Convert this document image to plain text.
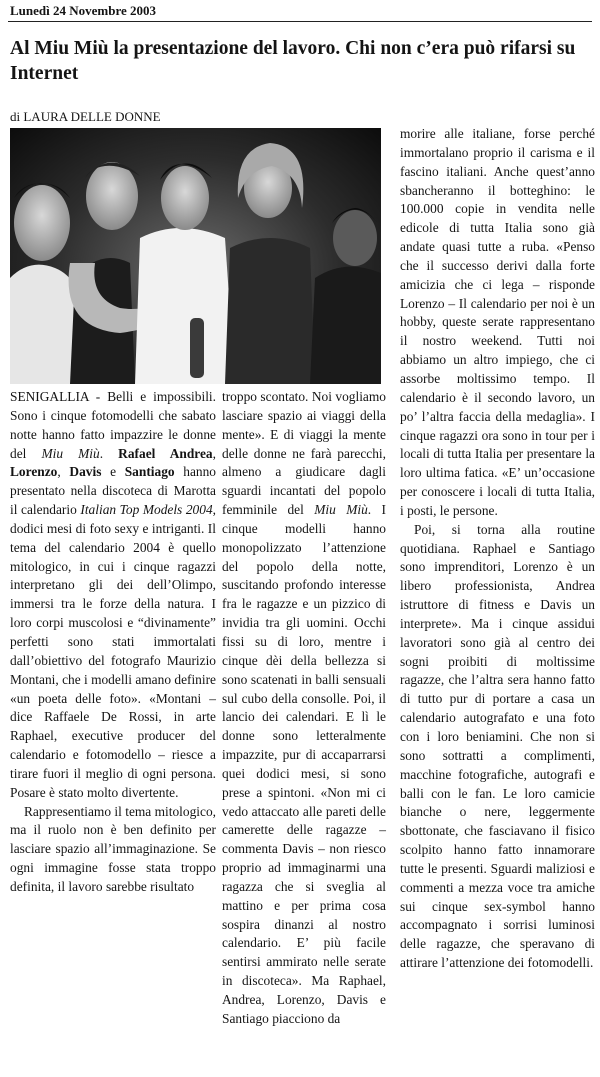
Lunedì 24 Novembre 2003
Al Miu Miù la presentazione del lavoro. Chi non c’era può rifarsi su Internet
di LAURA DELLE DONNE

SENIGALLIA - Belli e impossibili. Sono i cinque fotomodelli che sabato notte hanno fatto impazzire le donne del Miu Miù. Rafael Andrea, Lorenzo, Davis e Santiago hanno presentato nella discoteca di Marotta il calendario Italian Top Models 2004, dodici mesi di foto sexy e intriganti. Il tema del calendario 2004 è quello mitologico, in cui i cinque ragazzi interpretano gli dei dell’Olimpo, immersi tra le forze della natura. I loro corpi muscolosi e “divinamente” perfetti sono stati immortalati dall’obiettivo del fotografo Maurizio Montani, che i modelli amano definire «un poeta delle foto». «Montani – dice Raffaele De Rossi, in arte Raphael, executive producer del calendario e fotomodello – riesce a tirare fuori il meglio di ogni persona. Posare è stato molto divertente.

Rappresentiamo il tema mitologico, ma il ruolo non è ben definito per lasciare spazio all’immaginazione. Se ogni immagine fosse stata troppo definita, il lavoro sarebbe risultato

troppo scontato. Noi vogliamo lasciare spazio ai viaggi della mente». E di viaggi la mente delle donne ne farà parecchi, almeno a giudicare dagli sguardi incantati del popolo femminile del Miu Miù. I cinque modelli hanno monopolizzato l’attenzione del popolo della notte, suscitando profondo interesse fra le ragazze e un pizzico di invidia tra gli uomini. Occhi fissi su di loro, mentre i cinque dèi della bellezza si sono scatenati in balli sensuali sul cubo della consolle. Poi, il lancio dei calendari. E lì le donne sono letteralmente impazzite, pur di accaparrarsi quei dodici mesi, si sono prese a spintoni. «Non mi ci vedo attaccato alle pareti delle camerette delle ragazze – commenta Davis – non riesco proprio ad immaginarmi una ragazza che si sveglia al mattino e per prima cosa sospira dinanzi al nostro calendario. E’ più facile sentirsi ammirato nelle serate in discoteca». Ma Raphael, Andrea, Lorenzo, Davis e Santiago piacciono da

morire alle italiane, forse perché immortalano proprio il carisma e il fascino italiani. Anche quest’anno sbancheranno il botteghino: le 100.000 copie in vendita nelle edicole di tutta Italia sono già andate quasi tutte a ruba. «Penso che il successo derivi dalla forte amicizia che ci lega – risponde Lorenzo – Il calendario per noi è un hobby, queste serate rappresentano il nostro weekend. Tutti noi abbiamo un altro impiego, che ci assorbe moltissimo tempo. Il calendario è il secondo lavoro, un po’ l’altra faccia della medaglia». I cinque ragazzi ora sono in tour per i locali di tutta Italia per presentare la loro ultima fatica. «E’ un’occasione per conoscere i locali di tutta Italia, i posti, le persone.

Poi, si torna alla routine quotidiana. Raphael e Santiago sono imprenditori, Lorenzo è un libero professionista, Andrea istruttore di fitness e Davis un interprete». Ma i cinque assidui lavoratori sono già al centro dei sogni proibiti di moltissime ragazze, che l’altra sera hanno fatto di tutto pur di portare a casa un calendario autografato e una foto con i loro beniamini. Che non si sono sottratti a complimenti, macchine fotografiche, autografi e balli con le fan. Le loro camicie bianche o nere, leggermente sbottonate, che fasciavano il fisico scolpito hanno fatto innamorare tutte le presenti. Sguardi maliziosi e commenti a mezza voce tra amiche sui cinque sex-symbol hanno accompagnato i sorrisi luminosi delle ragazze, che speravano di attirare l’attenzione dei fotomodelli.
